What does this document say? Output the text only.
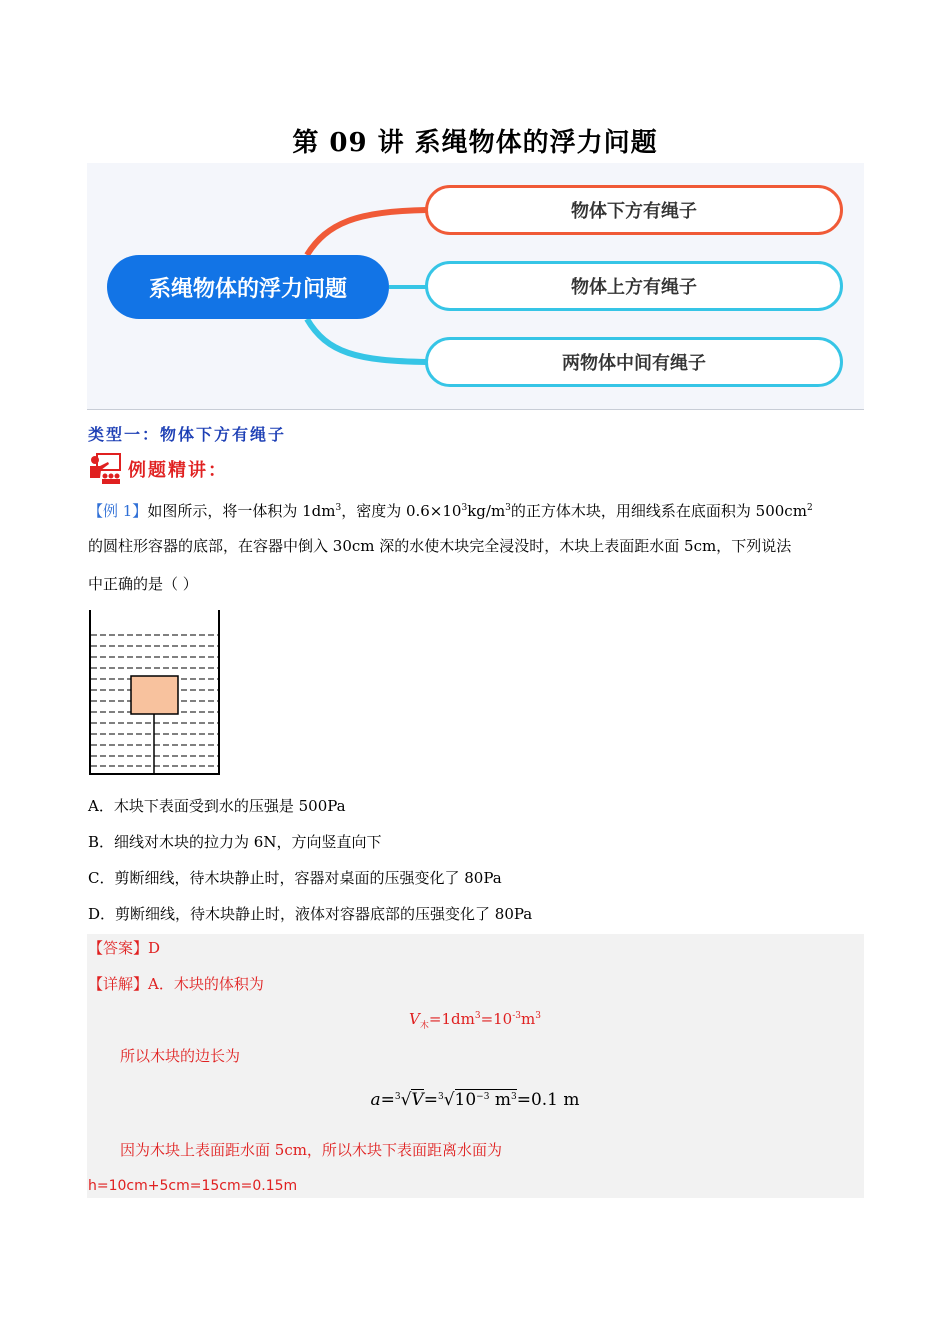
第 09 讲 系绳物体的浮力问题
系绳物体的浮力问题
物体下方有绳子
物体上方有绳子
两物体中间有绳子
类型一：物体下方有绳子
例题精讲：
【例 1】如图所示，将一体积为 $1dm^3$，密度为 $0.6\times 10^3kg/m^3$的正方体木块，用细线系在底面积为 $500cm^2$
的圆柱形容器的底部，在容器中倒入 30cm 深的水使木块完全浸没时，木块上表面距水面 5cm，下列说法
中正确的是（ ）
A．木块下表面受到水的压强是 500Pa
B．细线对木块的拉力为 6N，方向竖直向下
C．剪断细线，待木块静止时，容器对桌面的压强变化了 80Pa
D．剪断细线，待木块静止时，液体对容器底部的压强变化了 80Pa
【答案】D
【详解】A．木块的体积为
$V_木=1dm^3=10^{-3}m^3$
所以木块的边长为
$a=^3√V=^3√10^{-3}$ $m^3=0.1$ m
因为木块上表面距水面 5cm，所以木块下表面距离水面为
h=10cm+5cm=15cm=0.15m
